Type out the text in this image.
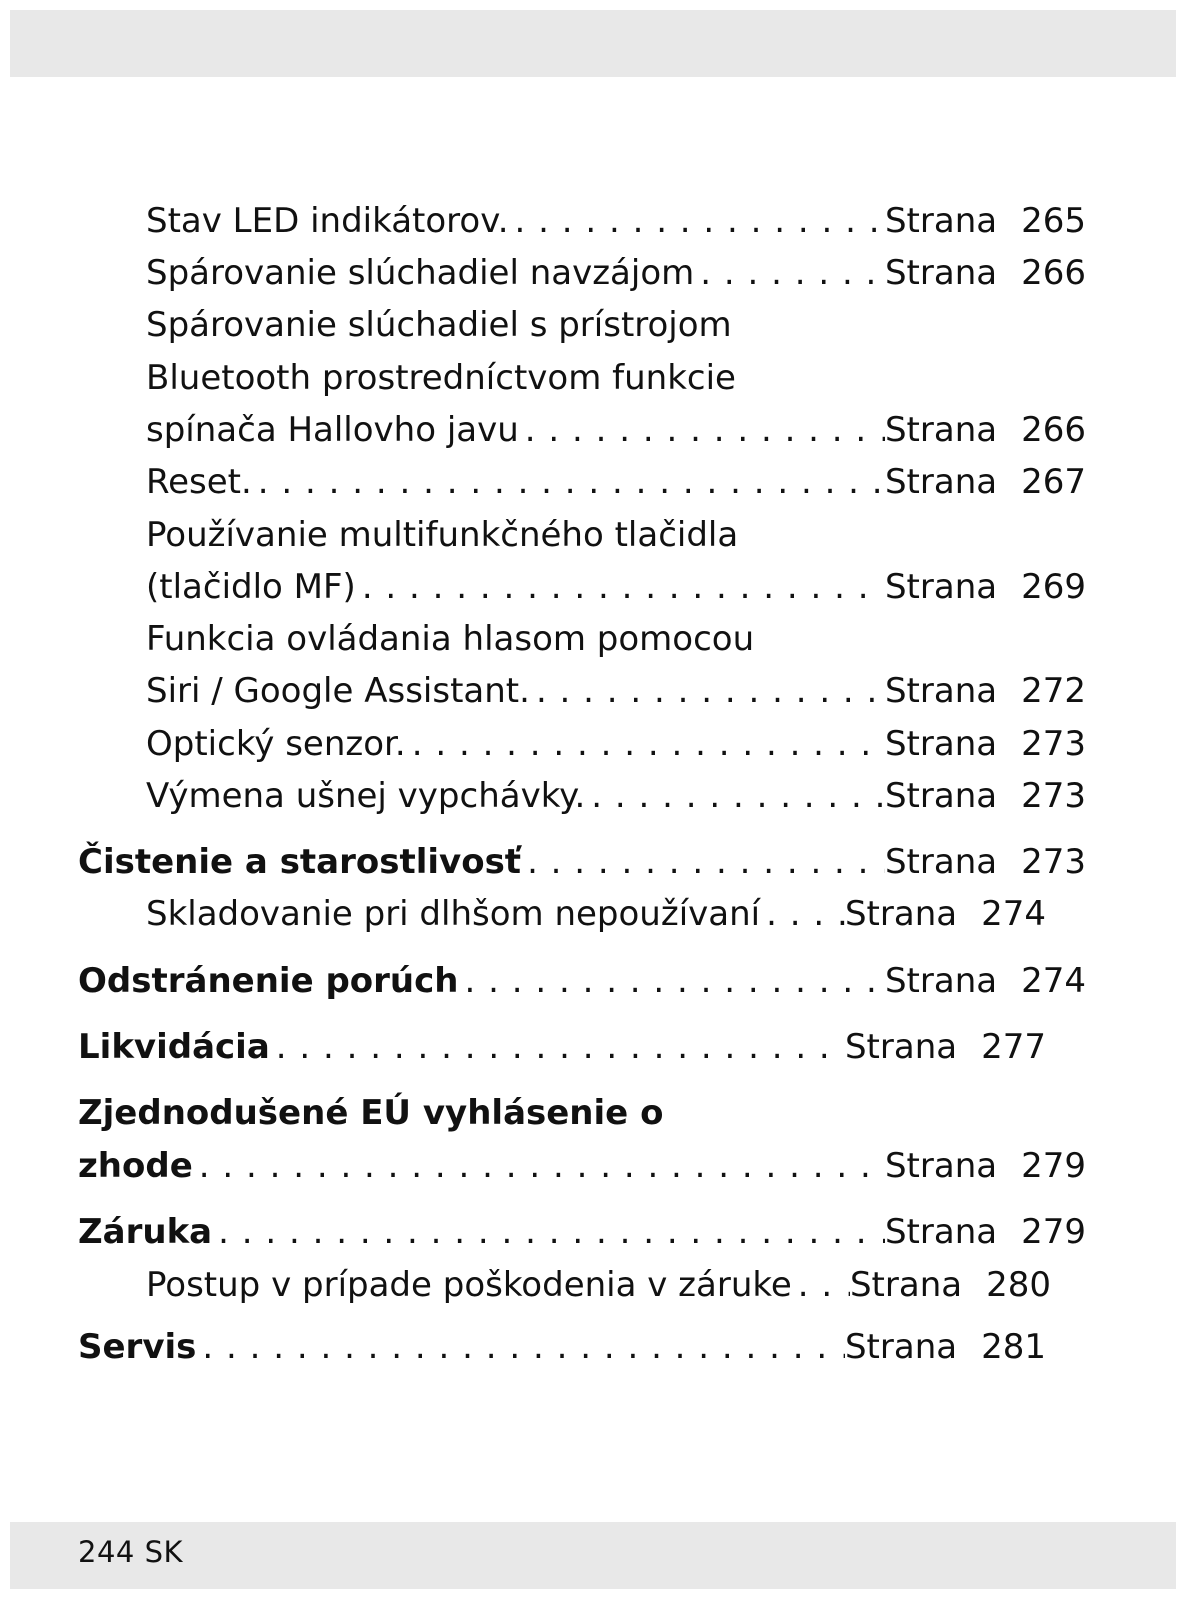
Stav LED indikátorov. . . .	Strana 265
Spárovanie slúchadiel navzájom . . .	Strana 266
Spárovanie slúchadiel s prístrojom
Bluetooth prostredníctvom funkcie
spínača Hallovho javu . . .	Strana 266
Reset. . . .	Strana 267
Používanie multifunkčného tlačidla
(tlačidlo MF) . . .	Strana 269
Funkcia ovládania hlasom pomocou
Siri / Google Assistant. . . .	Strana 272
Optický senzor. . . .	Strana 273
Výmena ušnej vypchávky. . . .	Strana 273
Čistenie a starostlivosť . . .	Strana 273
Skladovanie pri dlhšom nepoužívaní . . . Strana 274
Odstránenie porúch . . .	Strana 274
Likvidácia . . .	Strana 277
Zjednodušené EÚ vyhlásenie o
zhode . . .	Strana 279
Záruka . . .	Strana 279
Postup v prípade poškodenia v záruke . . . Strana 280
Servis . . .	Strana 281
244 SK
